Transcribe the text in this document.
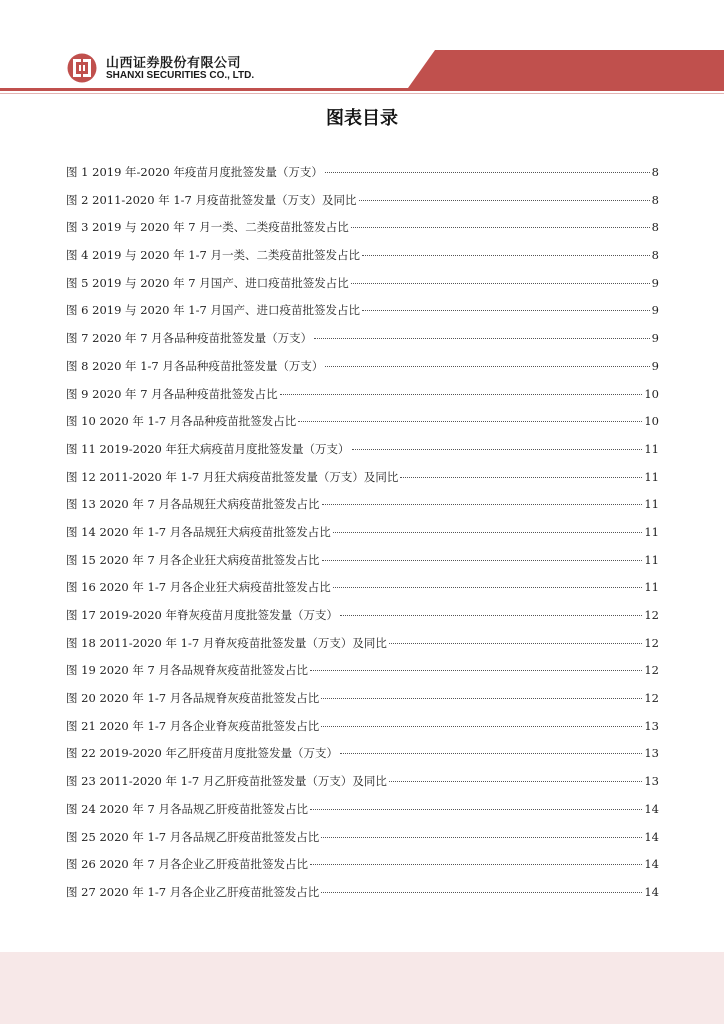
山西证券股份有限公司
SHANXI SECURITIES CO., LTD.
图表目录
图 1 2019 年-2020 年疫苗月度批签发量（万支）	8
图 2 2011-2020 年 1-7 月疫苗批签发量（万支）及同比	8
图 3 2019 与 2020 年 7 月一类、二类疫苗批签发占比	8
图 4 2019 与 2020 年 1-7 月一类、二类疫苗批签发占比	8
图 5 2019 与 2020 年 7 月国产、进口疫苗批签发占比	9
图 6 2019 与 2020 年 1-7 月国产、进口疫苗批签发占比	9
图 7 2020 年 7 月各品种疫苗批签发量（万支）	9
图 8 2020 年 1-7 月各品种疫苗批签发量（万支）	9
图 9 2020 年 7 月各品种疫苗批签发占比	10
图 10 2020 年 1-7 月各品种疫苗批签发占比	10
图 11 2019-2020 年狂犬病疫苗月度批签发量（万支）	11
图 12 2011-2020 年 1-7 月狂犬病疫苗批签发量（万支）及同比	11
图 13 2020 年 7 月各品规狂犬病疫苗批签发占比	11
图 14 2020 年 1-7 月各品规狂犬病疫苗批签发占比	11
图 15 2020 年 7 月各企业狂犬病疫苗批签发占比	11
图 16 2020 年 1-7 月各企业狂犬病疫苗批签发占比	11
图 17 2019-2020 年脊灰疫苗月度批签发量（万支）	12
图 18 2011-2020 年 1-7 月脊灰疫苗批签发量（万支）及同比	12
图 19 2020 年 7 月各品规脊灰疫苗批签发占比	12
图 20 2020 年 1-7 月各品规脊灰疫苗批签发占比	12
图 21 2020 年 1-7 月各企业脊灰疫苗批签发占比	13
图 22 2019-2020 年乙肝疫苗月度批签发量（万支）	13
图 23 2011-2020 年 1-7 月乙肝疫苗批签发量（万支）及同比	13
图 24 2020 年 7 月各品规乙肝疫苗批签发占比	14
图 25 2020 年 1-7 月各品规乙肝疫苗批签发占比	14
图 26 2020 年 7 月各企业乙肝疫苗批签发占比	14
图 27 2020 年 1-7 月各企业乙肝疫苗批签发占比	14
